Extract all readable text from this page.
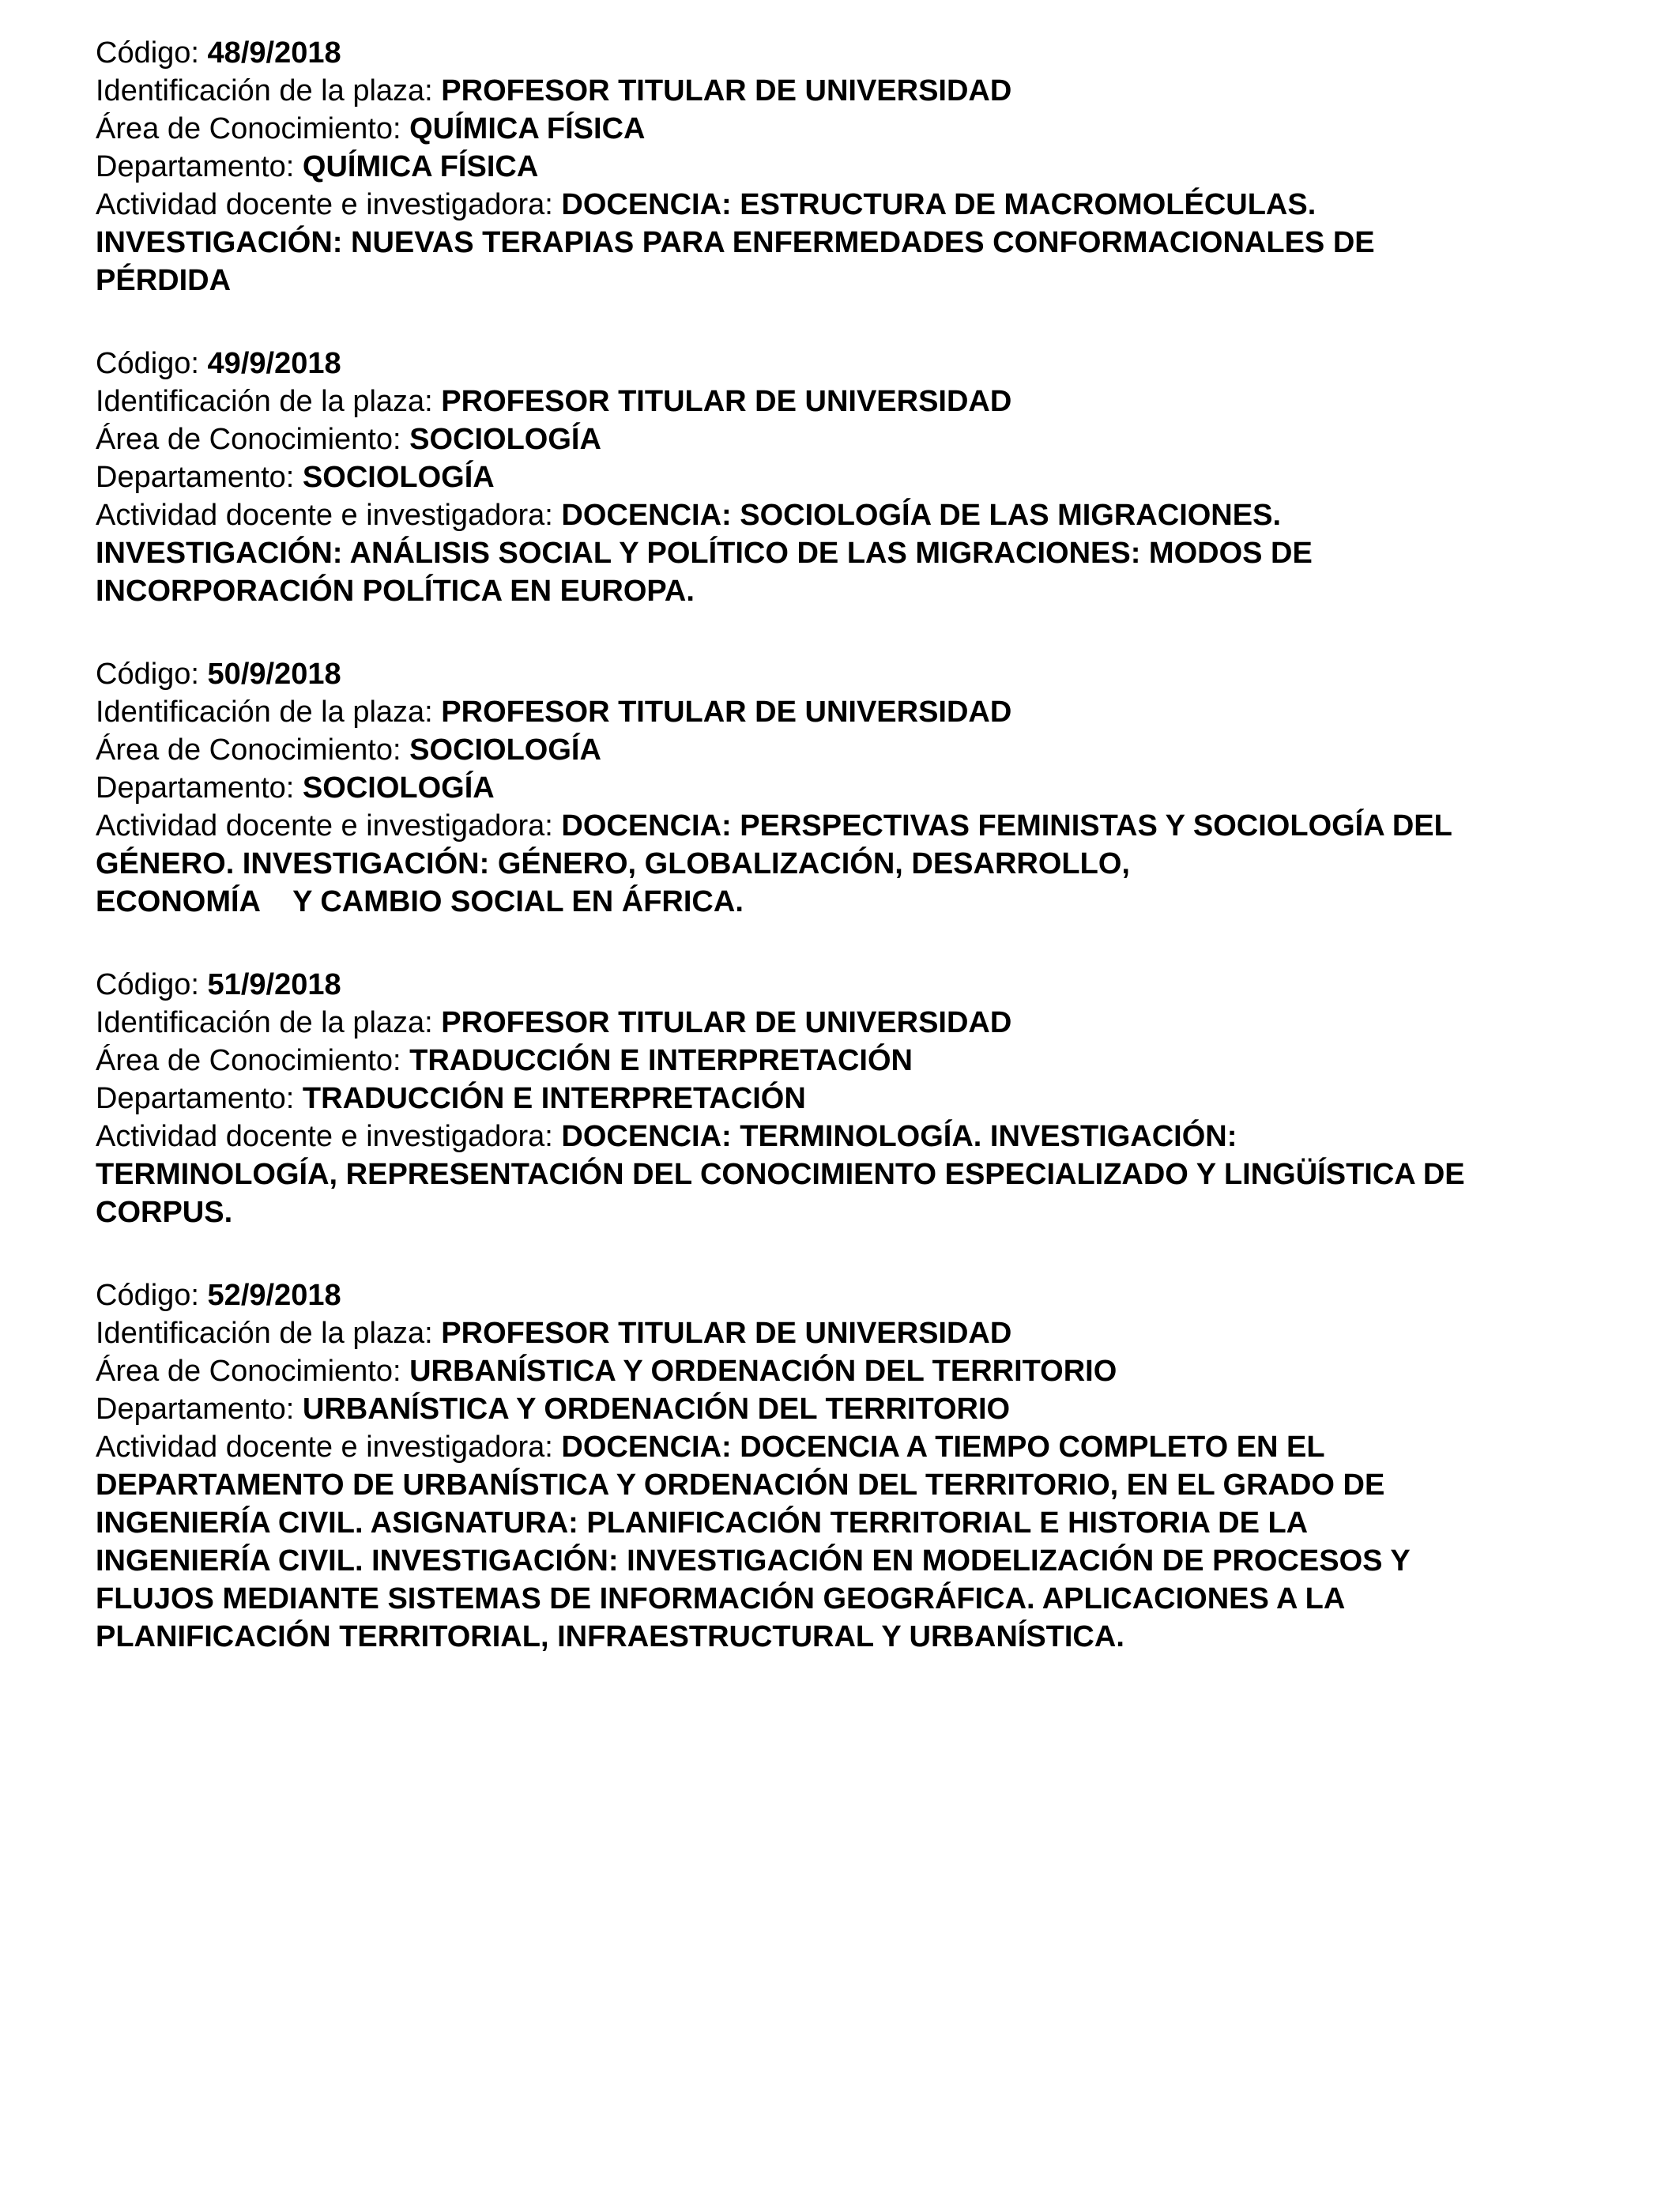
Código: 48/9/2018
Identificación de la plaza: PROFESOR TITULAR DE UNIVERSIDAD
Área de Conocimiento: QUÍMICA FÍSICA
Departamento: QUÍMICA FÍSICA
Actividad docente e investigadora: DOCENCIA: ESTRUCTURA DE MACROMOLÉCULAS.
INVESTIGACIÓN: NUEVAS TERAPIAS PARA ENFERMEDADES CONFORMACIONALES DE
PÉRDIDA
Código: 49/9/2018
Identificación de la plaza: PROFESOR TITULAR DE UNIVERSIDAD
Área de Conocimiento: SOCIOLOGÍA
Departamento: SOCIOLOGÍA
Actividad docente e investigadora: DOCENCIA: SOCIOLOGÍA DE LAS MIGRACIONES.
INVESTIGACIÓN: ANÁLISIS SOCIAL Y POLÍTICO DE LAS MIGRACIONES: MODOS DE
INCORPORACIÓN POLÍTICA EN EUROPA.
Código: 50/9/2018
Identificación de la plaza: PROFESOR TITULAR DE UNIVERSIDAD
Área de Conocimiento: SOCIOLOGÍA
Departamento: SOCIOLOGÍA
Actividad docente e investigadora: DOCENCIA: PERSPECTIVAS FEMINISTAS Y SOCIOLOGÍA DEL
GÉNERO. INVESTIGACIÓN: GÉNERO, GLOBALIZACIÓN, DESARROLLO,
ECONOMÍA    Y CAMBIO SOCIAL EN ÁFRICA.
Código: 51/9/2018
Identificación de la plaza: PROFESOR TITULAR DE UNIVERSIDAD
Área de Conocimiento: TRADUCCIÓN E INTERPRETACIÓN
Departamento: TRADUCCIÓN E INTERPRETACIÓN
Actividad docente e investigadora: DOCENCIA: TERMINOLOGÍA. INVESTIGACIÓN:
TERMINOLOGÍA, REPRESENTACIÓN DEL CONOCIMIENTO ESPECIALIZADO Y LINGÜÍSTICA DE
CORPUS.
Código: 52/9/2018
Identificación de la plaza: PROFESOR TITULAR DE UNIVERSIDAD
Área de Conocimiento: URBANÍSTICA Y ORDENACIÓN DEL TERRITORIO
Departamento: URBANÍSTICA Y ORDENACIÓN DEL TERRITORIO
Actividad docente e investigadora: DOCENCIA: DOCENCIA A TIEMPO COMPLETO EN EL
DEPARTAMENTO DE URBANÍSTICA Y ORDENACIÓN DEL TERRITORIO, EN EL GRADO DE
INGENIERÍA CIVIL. ASIGNATURA: PLANIFICACIÓN TERRITORIAL E HISTORIA DE LA
INGENIERÍA CIVIL. INVESTIGACIÓN: INVESTIGACIÓN EN MODELIZACIÓN DE PROCESOS Y
FLUJOS MEDIANTE SISTEMAS DE INFORMACIÓN GEOGRÁFICA. APLICACIONES A LA
PLANIFICACIÓN TERRITORIAL, INFRAESTRUCTURAL Y URBANÍSTICA.
